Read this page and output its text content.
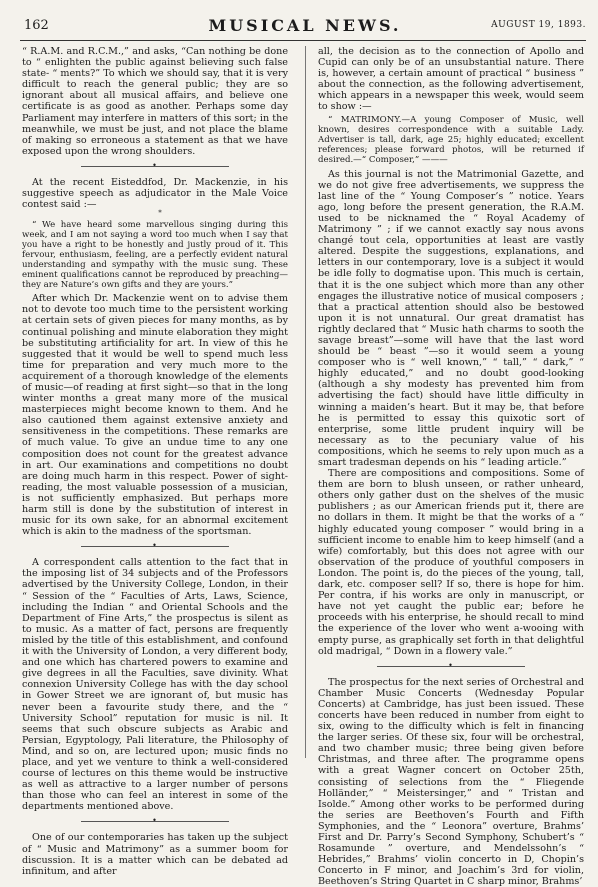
162	MUSICAL NEWS.	AUGUST 19, 1893.

“ R.A.M. and R.C.M.,” and asks, “Can nothing be done to “ enlighten the public against believing such false state- “ ments?” To which we should say, that it is very difficult to reach the general public; they are so ignorant about all musical affairs, and believe one certificate is as good as another. Perhaps some day Parliament may interfere in matters of this sort; in the meanwhile, we must be just, and not place the blame of making so erroneous a statement as that we have exposed upon the wrong shoulders.

•

At the recent Eisteddfod, Dr. Mackenzie, in his suggestive speech as adjudicator in the Male Voice contest said :—

*

“ We have heard some marvellous singing during this week, and I am not saying a word too much when I say that you have a right to be honestly and justly proud of it. This fervour, enthusiasm, feeling, are a perfectly evident natural understanding and sympathy with the music sung. These eminent qualifications cannot be reproduced by preaching—they are Nature’s own gifts and they are yours.”

After which Dr. Mackenzie went on to advise them not to devote too much time to the persistent working at certain sets of given pieces for many months, as by continual polishing and minute elaboration they might be substituting artificiality for art. In view of this he suggested that it would be well to spend much less time for preparation and very much more to the acquirement of a thorough knowledge of the elements of music—of reading at first sight—so that in the long winter months a great many more of the musical masterpieces might become known to them. And he also cautioned them against extensive anxiety and sensitiveness in the competitions. These remarks are of much value. To give an undue time to any one composition does not count for the greatest advance in art. Our examinations and competitions no doubt are doing much harm in this respect. Power of sight-reading, the most valuable possession of a musician, is not sufficiently emphasized. But perhaps more harm still is done by the substitution of interest in music for its own sake, for an abnormal excitement which is akin to the madness of the sportsman.

•

A correspondent calls attention to the fact that in the imposing list of 34 subjects and of the Professors advertised by the University College, London, in their “ Session of the “ Faculties of Arts, Laws, Science, including the Indian “ and Oriental Schools and the Department of Fine Arts,” the prospectus is silent as to music. As a matter of fact, persons are frequently misled by the title of this establishment, and confound it with the University of London, a very different body, and one which has chartered powers to examine and give degrees in all the Faculties, save divinity. What connexion University College has with the day school in Gower Street we are ignorant of, but music has never been a favourite study there, and the “ University School” reputation for music is nil. It seems that such obscure subjects as Arabic and Persian, Egyptology, Pali literature, the Philosophy of Mind, and so on, are lectured upon; music finds no place, and yet we venture to think a well-considered course of lectures on this theme would be instructive as well as attractive to a larger number of persons than those who can feel an interest in some of the departments mentioned above.

•

One of our contemporaries has taken up the subject of “ Music and Matrimony” as a summer boom for discussion. It is a matter which can be debated ad infinitum, and after

all, the decision as to the connection of Apollo and Cupid can only be of an unsubstantial nature. There is, however, a certain amount of practical “ business ” about the connection, as the following advertisement, which appears in a newspaper this week, would seem to show :—

“ MATRIMONY.—A young Composer of Music, well known, desires correspondence with a suitable Lady. Advertiser is tall, dark, age 25; highly educated; excellent references; please forward photos, will be returned if desired.—“ Composer,” ———

As this journal is not the Matrimonial Gazette, and we do not give free advertisements, we suppress the last line of the “ Young Composer’s ” notice. Years ago, long before the present generation, the R.A.M. used to be nicknamed the “ Royal Academy of Matrimony ” ; if we cannot exactly say nous avons changé tout cela, opportunities at least are vastly altered. Despite the suggestions, explanations, and letters in our contemporary, love is a subject it would be idle folly to dogmatise upon. This much is certain, that it is the one subject which more than any other engages the illustrative notice of musical composers ; that a practical attention should also be bestowed upon it is not unnatural. Our great dramatist has rightly declared that “ Music hath charms to sooth the savage breast”—some will have that the last word should be “ beast ”—so it would seem a young composer who is “ well known,” “ tall,” “ dark,” “ highly educated,” and no doubt good-looking (although a shy modesty has prevented him from advertising the fact) should have little difficulty in winning a maiden’s heart. But it may be, that before he is permitted to essay this quixotic sort of enterprise, some little prudent inquiry will be necessary as to the pecuniary value of his compositions, which he seems to rely upon much as a smart tradesman depends on his “ leading article.”

There are compositions and compositions. Some of them are born to blush unseen, or rather unheard, others only gather dust on the shelves of the music publishers ; as our American friends put it, there are no dollars in them. It might be that the works of a “ highly educated young composer ” would bring in a sufficient income to enable him to keep himself (and a wife) comfortably, but this does not agree with our observation of the produce of youthful composers in London. The point is, do the pieces of the young, tall, dark, etc. composer sell? If so, there is hope for him. Per contra, if his works are only in manuscript, or have not yet caught the public ear; before he proceeds with his enterprise, he should recall to mind the experience of the lover who went a-wooing with empty purse, as graphically set forth in that delightful old madrigal, “ Down in a flowery vale.”

•

The prospectus for the next series of Orchestral and Chamber Music Concerts (Wednesday Popular Concerts) at Cambridge, has just been issued. These concerts have been reduced in number from eight to six, owing to the difficulty which is felt in financing the larger series. Of these six, four will be orchestral, and two chamber music; three being given before Christmas, and three after. The programme opens with a great Wagner concert on October 25th, consisting of selections from the “ Fliegende Holländer,” “ Meistersinger,” and “ Tristan and Isolde.” Among other works to be performed during the series are Beethoven’s Fourth and Fifth Symphonies, and the “ Leonora” overture, Brahms’ First and Dr. Parry’s Second Symphony, Schubert’s “ Rosamunde ” overture, and Mendelssohn’s “ Hebrides,” Brahms’ violin concerto in D, Chopin’s Concerto in F minor, and Joachim’s 3rd for violin, Beethoven’s String Quartet in C sharp minor, Brahms’
